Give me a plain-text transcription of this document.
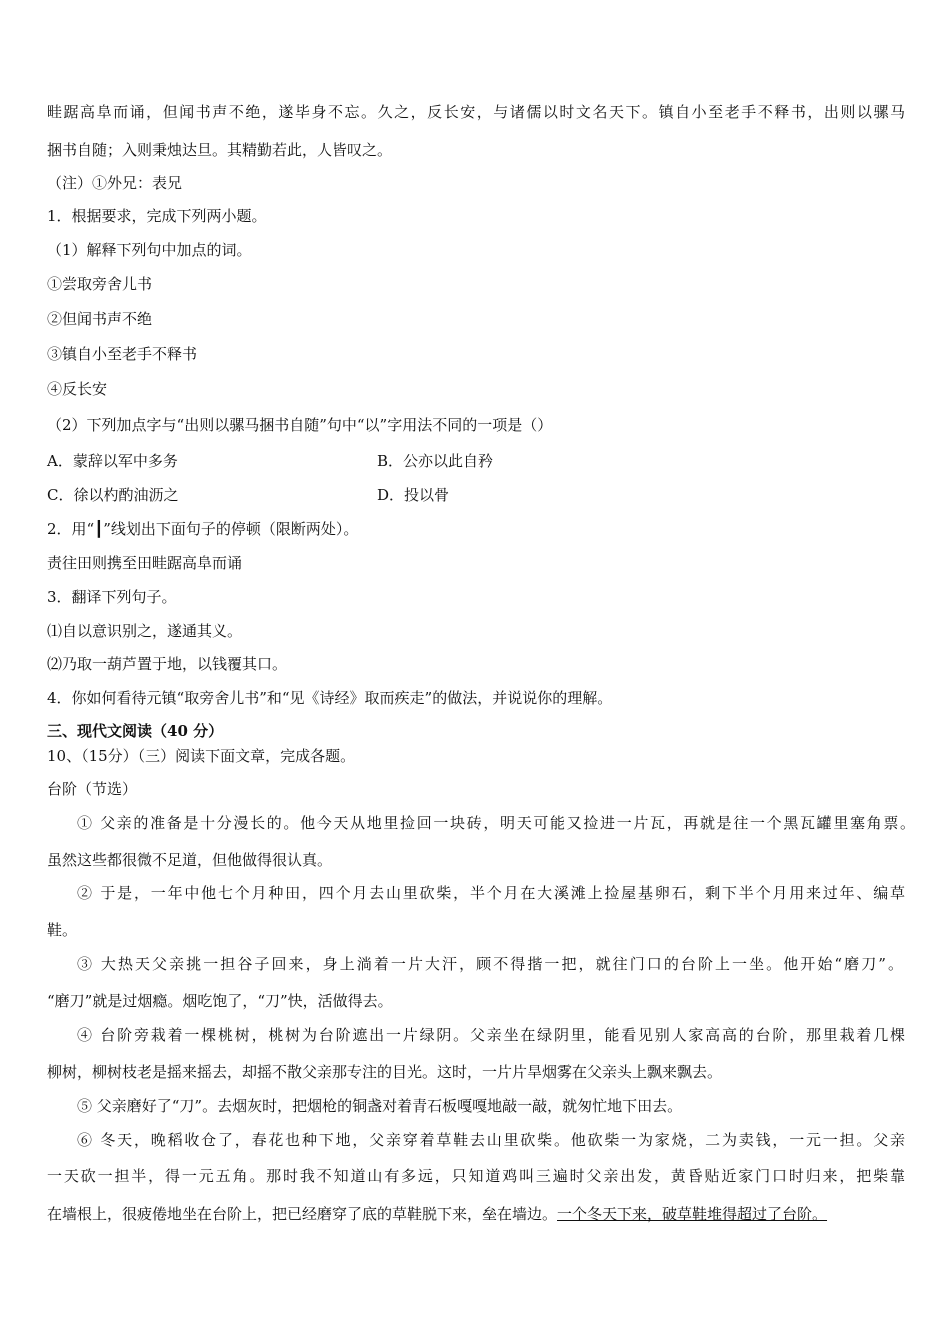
畦踞高阜而诵，但闻书声不绝，遂毕身不忘。久之，反长安，与诸儒以时文名天下。镇自小至老手不释书，出则以骡马
捆书自随；入则秉烛达旦。其精勤若此，人皆叹之。
（注）①外兄：表兄
1．根据要求，完成下列两小题。
（1）解释下列句中加点的词。
①尝取旁舍儿书
②但闻书声不绝
③镇自小至老手不释书
④反长安
（2）下列加点字与“出则以骡马捆书自随”句中“以”字用法不同的一项是（）
A．蒙辞以军中多务	B．公亦以此自矜
C．徐以杓酌油沥之	D．投以骨
2．用“┃”线划出下面句子的停顿（限断两处）。
责往田则携至田畦踞高阜而诵
3．翻译下列句子。
⑴自以意识别之，遂通其义。
⑵乃取一葫芦置于地，以钱覆其口。
4．你如何看待元镇“取旁舍儿书”和“见《诗经》取而疾走”的做法，并说说你的理解。
三、现代文阅读（40 分）
10、（15分）（三）阅读下面文章，完成各题。
台阶（节选）
① 父亲的准备是十分漫长的。他今天从地里捡回一块砖，明天可能又捡进一片瓦，再就是往一个黑瓦罐里塞角票。
虽然这些都很微不足道，但他做得很认真。
② 于是，一年中他七个月种田，四个月去山里砍柴，半个月在大溪滩上捡屋基卵石，剩下半个月用来过年、编草
鞋。
③ 大热天父亲挑一担谷子回来，身上淌着一片大汗，顾不得揩一把，就往门口的台阶上一坐。他开始“磨刀”。
“磨刀”就是过烟瘾。烟吃饱了，“刀”快，活做得去。
④ 台阶旁栽着一棵桃树，桃树为台阶遮出一片绿阴。父亲坐在绿阴里，能看见别人家高高的台阶，那里栽着几棵
柳树，柳树枝老是摇来摇去，却摇不散父亲那专注的目光。这时，一片片旱烟雾在父亲头上飘来飘去。
⑤ 父亲磨好了“刀”。去烟灰时，把烟枪的铜盏对着青石板嘎嘎地敲一敲，就匆忙地下田去。
⑥ 冬天，晚稻收仓了，春花也种下地，父亲穿着草鞋去山里砍柴。他砍柴一为家烧，二为卖钱，一元一担。父亲
一天砍一担半，得一元五角。那时我不知道山有多远，只知道鸡叫三遍时父亲出发，黄昏贴近家门口时归来，把柴靠
在墙根上，很疲倦地坐在台阶上，把已经磨穿了底的草鞋脱下来，垒在墙边。一个冬天下来，破草鞋堆得超过了台阶。
